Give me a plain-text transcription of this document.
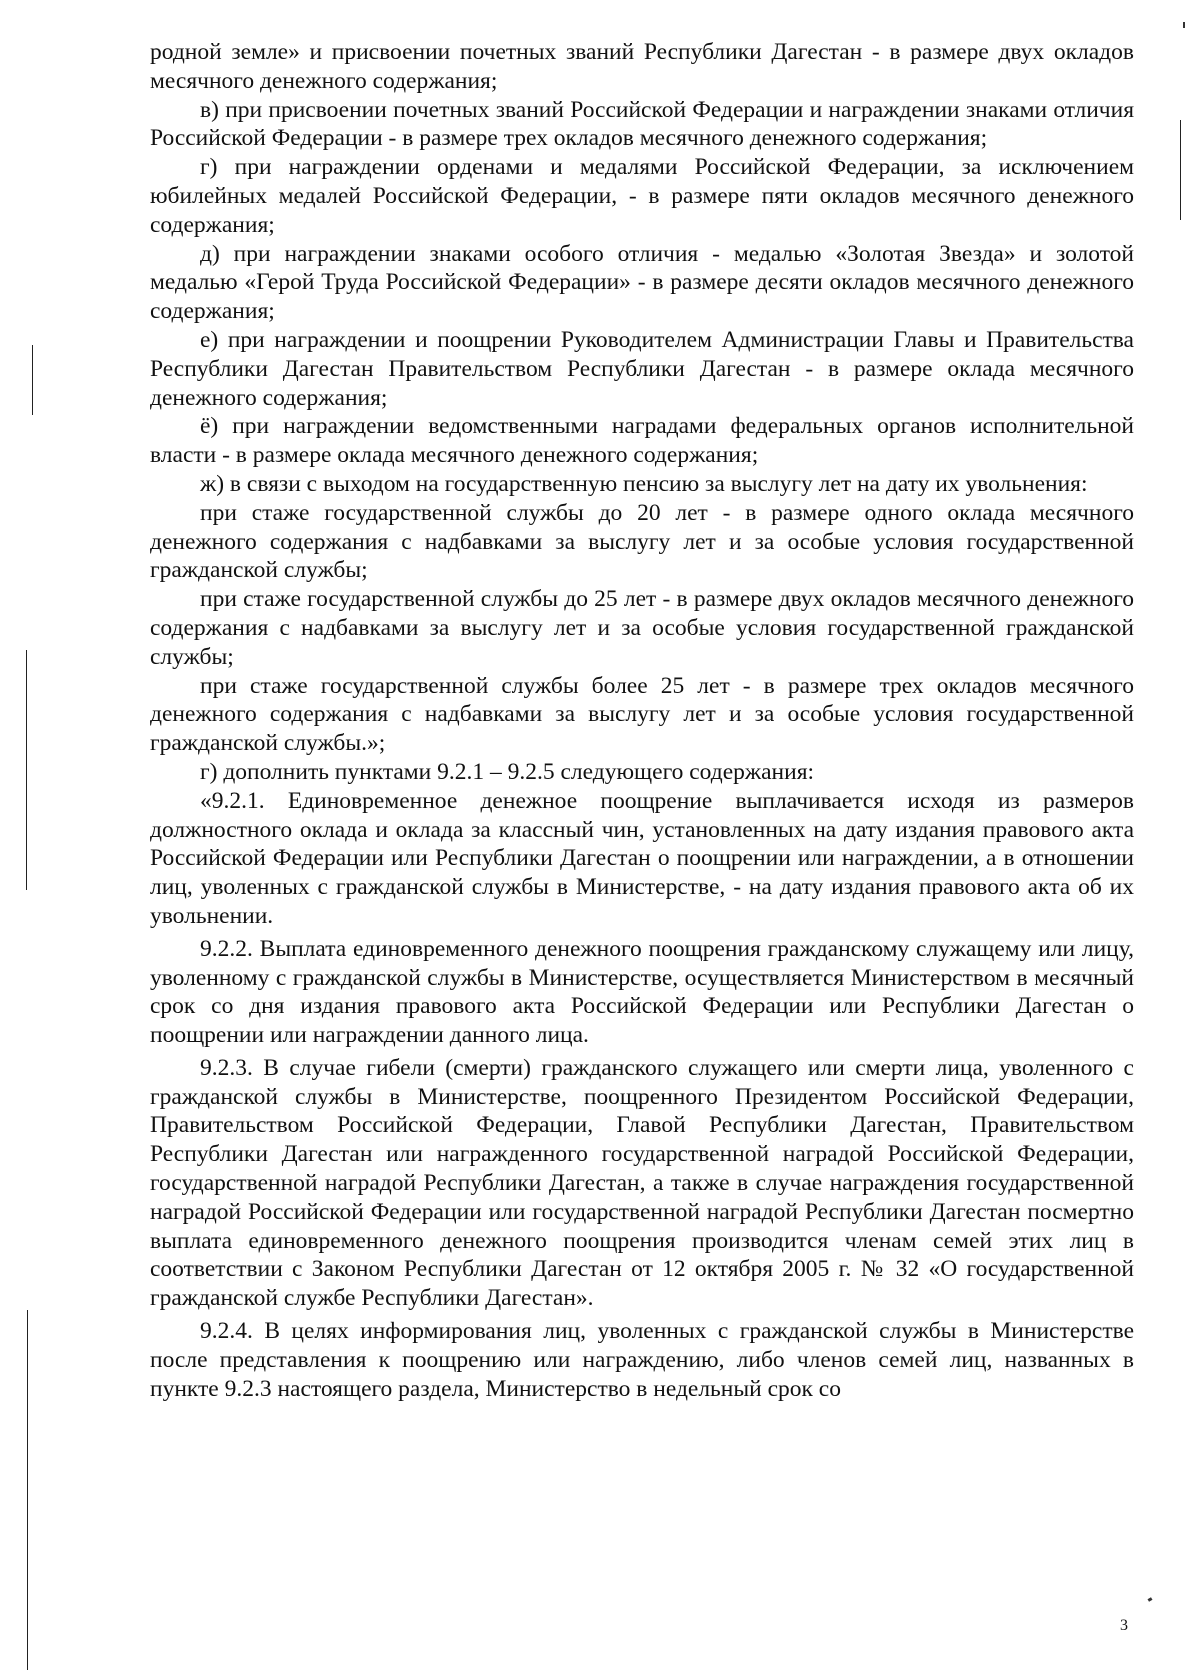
родной земле» и присвоении почетных званий Республики Дагестан - в размере двух окладов месячного денежного содержания;

в) при присвоении почетных званий Российской Федерации и награждении знаками отличия Российской Федерации - в размере трех окладов месячного денежного содержания;

г) при награждении орденами и медалями Российской Федерации, за исключением юбилейных медалей Российской Федерации, - в размере пяти окладов месячного денежного содержания;

д) при награждении знаками особого отличия - медалью «Золотая Звезда» и золотой медалью «Герой Труда Российской Федерации» - в размере десяти окладов месячного денежного содержания;

е) при награждении и поощрении Руководителем Администрации Главы и Правительства Республики Дагестан Правительством Республики Дагестан - в размере оклада месячного денежного содержания;

ё) при награждении ведомственными наградами федеральных органов исполнительной власти - в размере оклада месячного денежного содержания;

ж) в связи с выходом на государственную пенсию за выслугу лет на дату их увольнения:

при стаже государственной службы до 20 лет - в размере одного оклада месячного денежного содержания с надбавками за выслугу лет и за особые условия государственной гражданской службы;

при стаже государственной службы до 25 лет - в размере двух окладов месячного денежного содержания с надбавками за выслугу лет и за особые условия государственной гражданской службы;

при стаже государственной службы более 25 лет - в размере трех окладов месячного денежного содержания с надбавками за выслугу лет и за особые условия государственной гражданской службы.»;

г) дополнить пунктами 9.2.1 – 9.2.5 следующего содержания:

«9.2.1. Единовременное денежное поощрение выплачивается исходя из размеров должностного оклада и оклада за классный чин, установленных на дату издания правового акта Российской Федерации или Республики Дагестан о поощрении или награждении, а в отношении лиц, уволенных с гражданской службы в Министерстве, - на дату издания правового акта об их увольнении.

9.2.2. Выплата единовременного денежного поощрения гражданскому служащему или лицу, уволенному с гражданской службы в Министерстве, осуществляется Министерством в месячный срок со дня издания правового акта Российской Федерации или Республики Дагестан о поощрении или награждении данного лица.

9.2.3. В случае гибели (смерти) гражданского служащего или смерти лица, уволенного с гражданской службы в Министерстве, поощренного Президентом Российской Федерации, Правительством Российской Федерации, Главой Республики Дагестан, Правительством Республики Дагестан или награжденного государственной наградой Российской Федерации, государственной наградой Республики Дагестан, а также в случае награждения государственной наградой Российской Федерации или государственной наградой Республики Дагестан посмертно выплата единовременного денежного поощрения производится членам семей этих лиц в соответствии с Законом Республики Дагестан от 12 октября 2005 г. № 32 «О государственной гражданской службе Республики Дагестан».

9.2.4. В целях информирования лиц, уволенных с гражданской службы в Министерстве после представления к поощрению или награждению, либо членов семей лиц, названных в пункте 9.2.3 настоящего раздела, Министерство в недельный срок со

3
